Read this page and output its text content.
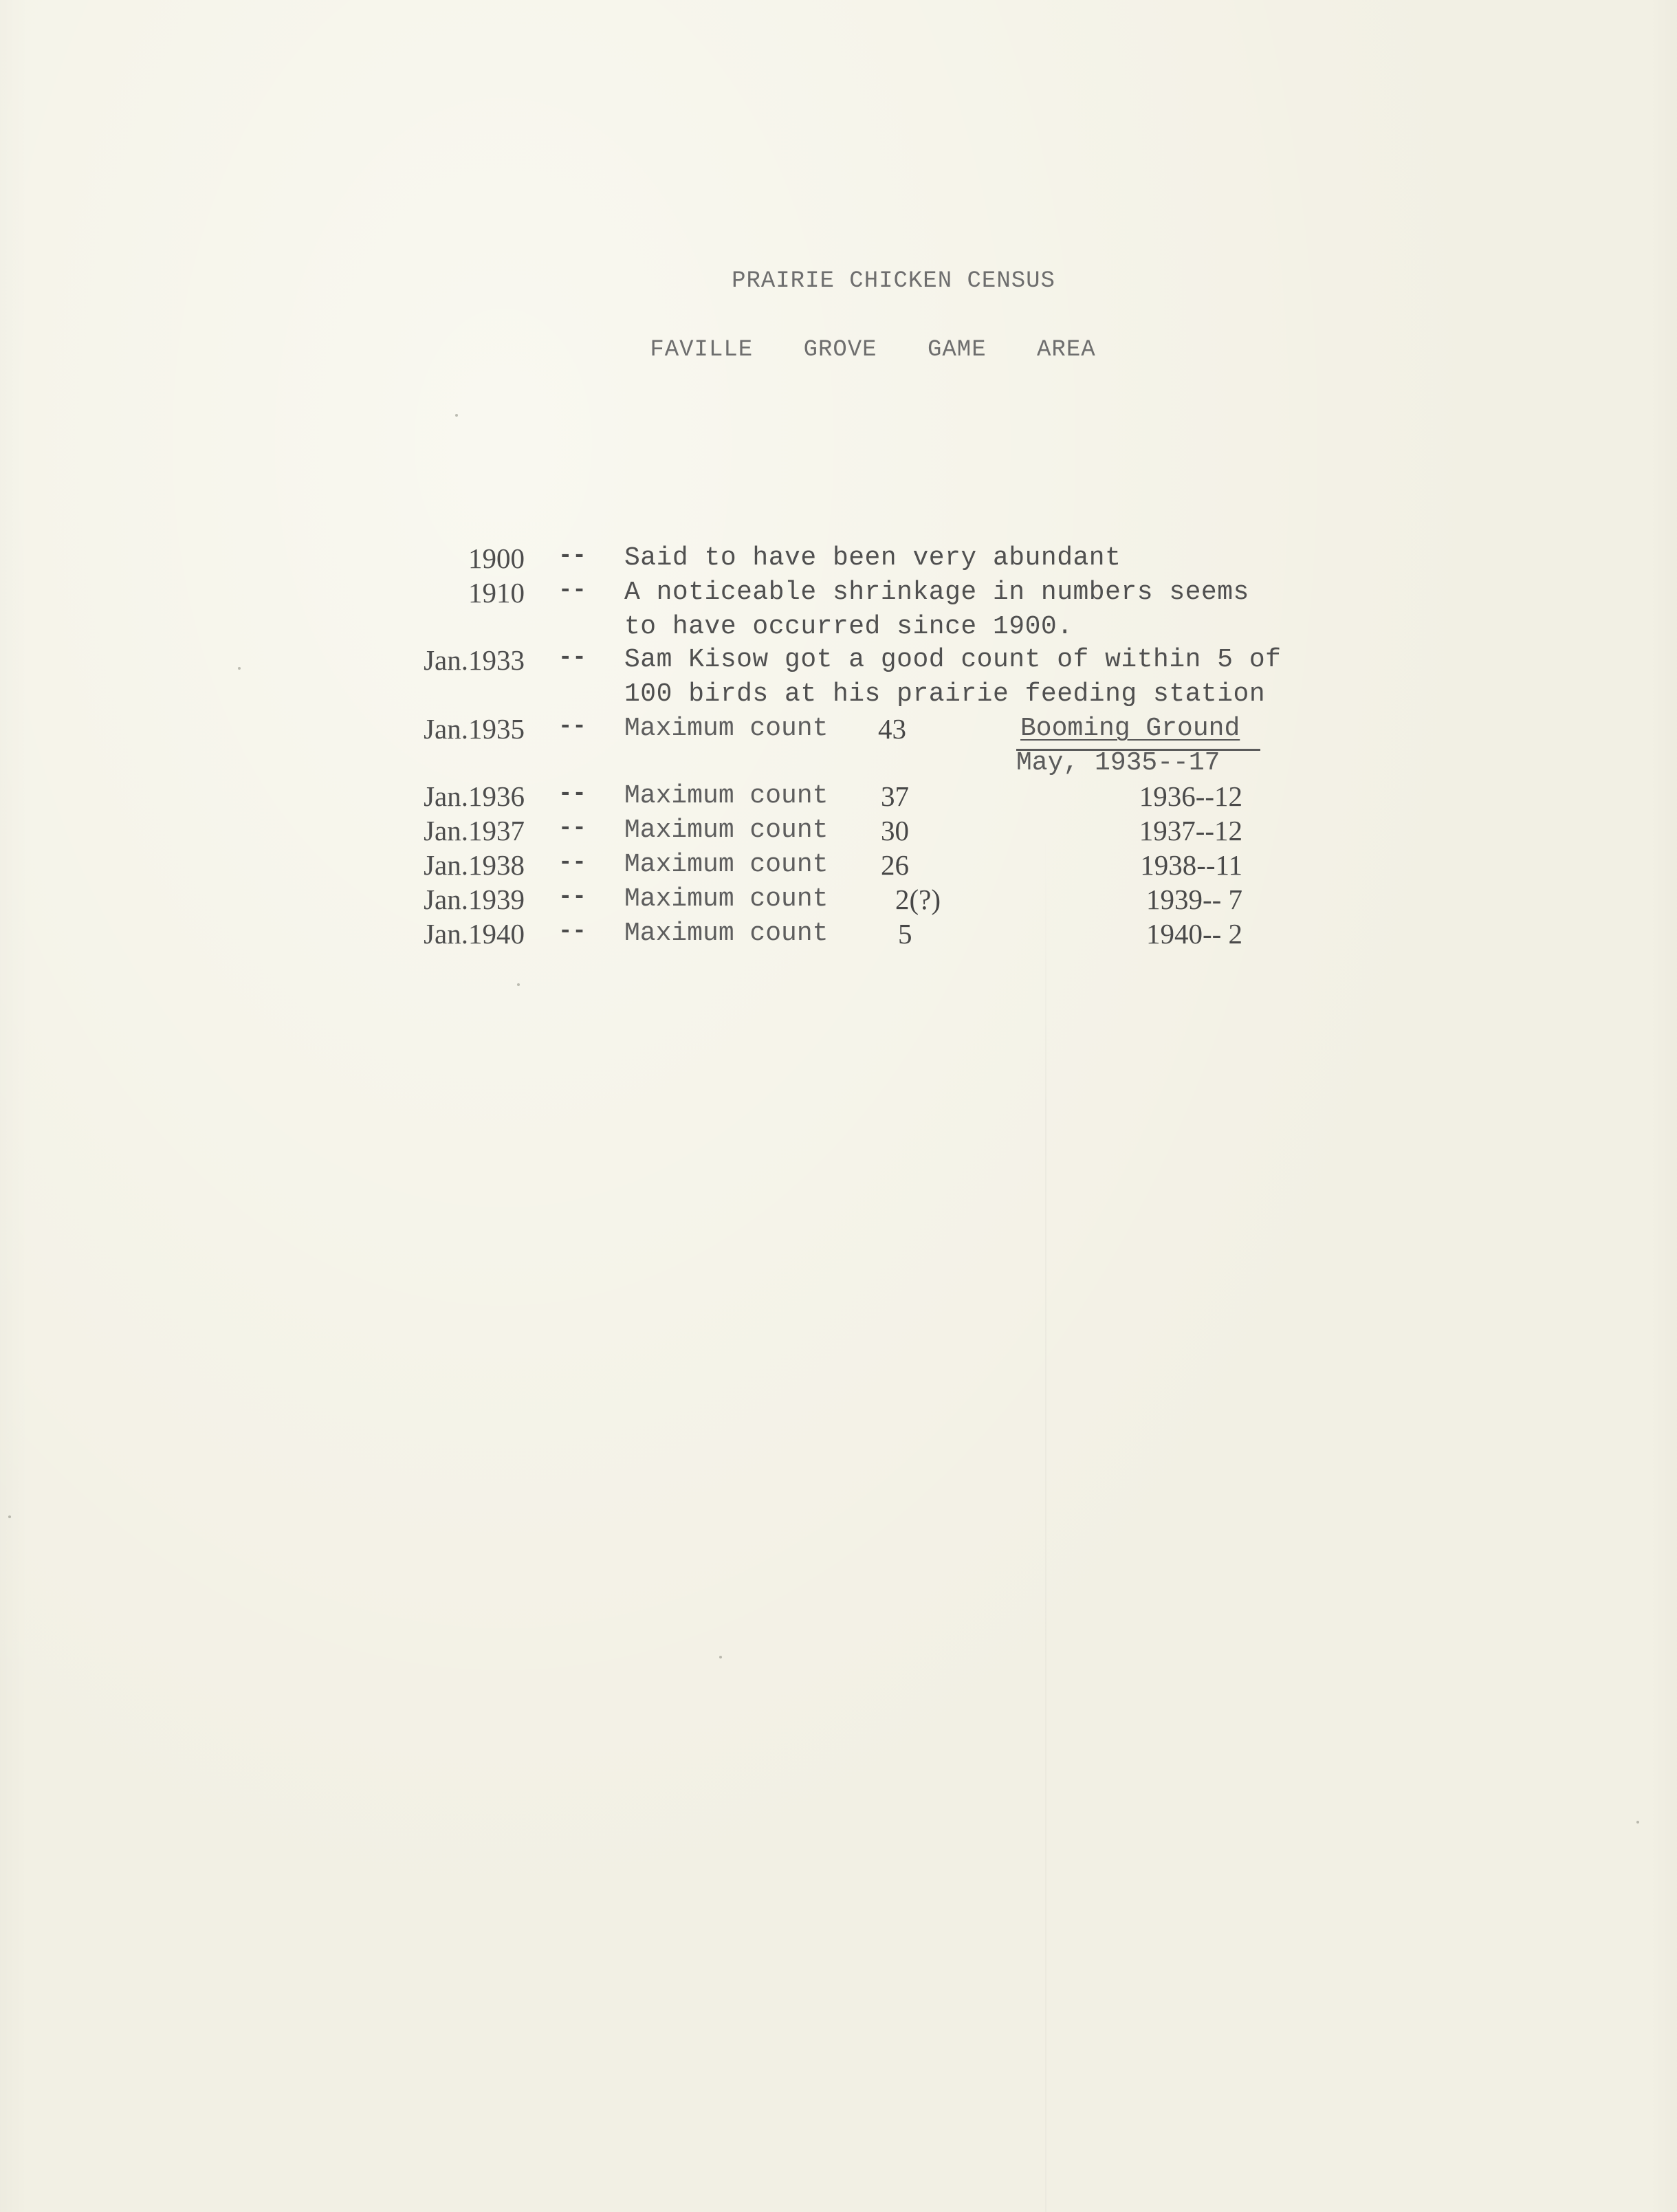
PRAIRIE CHICKEN CENSUS
FAVILLE GROVE GAME AREA
1900 -- Said to have been very abundant
1910 -- A noticeable shrinkage in numbers seems
to have occurred since 1900.
Jan.1933 -- Sam Kisow got a good count of within 5 of
100 birds at his prairie feeding station
Jan.1935 -- Maximum count 43	Booming Ground
May, 1935--17
Jan.1936 -- Maximum count 37	1936--12
Jan.1937 -- Maximum count 30	1937--12
Jan.1938 -- Maximum count 26	1938--11
Jan.1939 -- Maximum count 2(?)	1939-- 7
Jan.1940 -- Maximum count 5	1940-- 2
